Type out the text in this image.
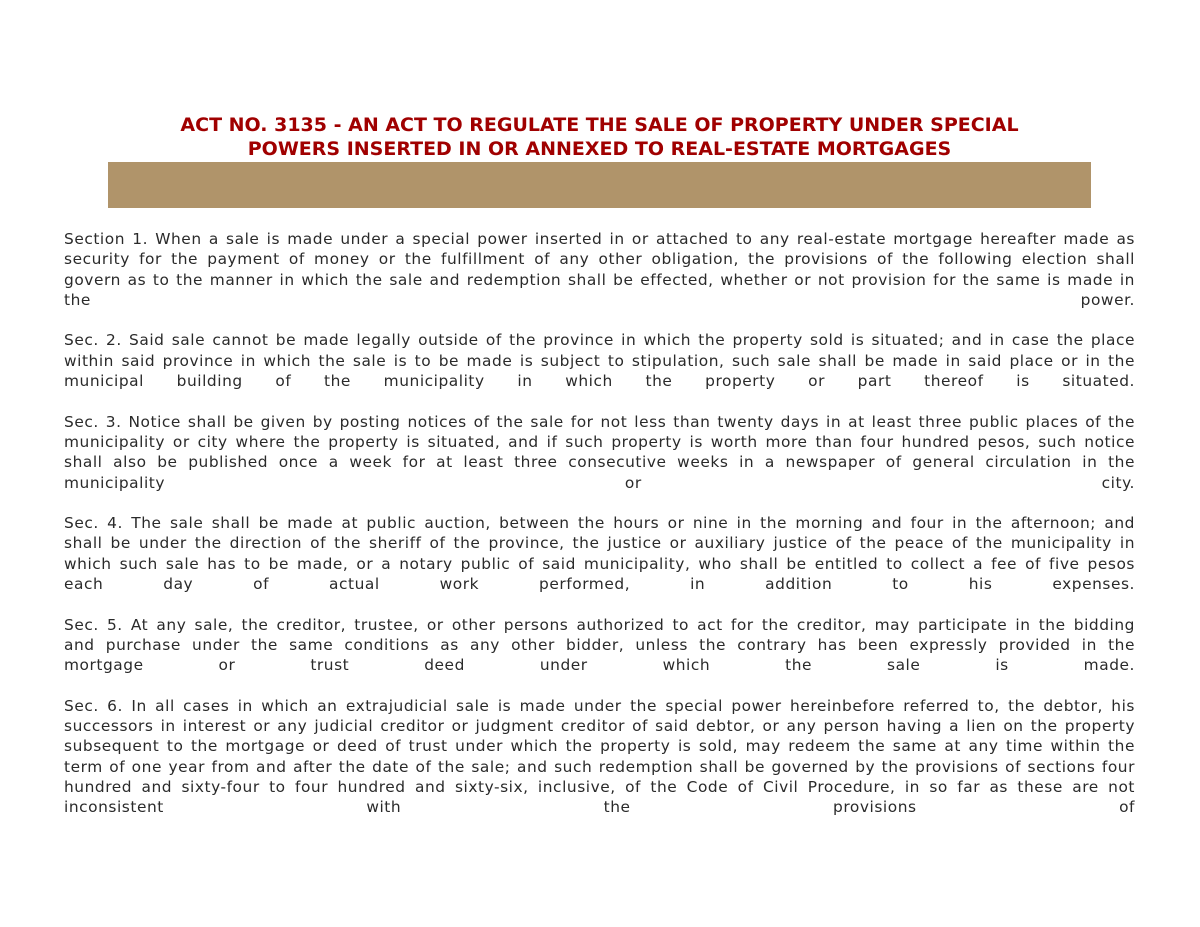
ACT NO. 3135 - AN ACT TO REGULATE THE SALE OF PROPERTY UNDER SPECIAL
POWERS INSERTED IN OR ANNEXED TO REAL-ESTATE MORTGAGES

Section 1. When a sale is made under a special power inserted in or attached to any real-estate mortgage hereafter made as security for the payment of money or the fulfillment of any other obligation, the provisions of the following election shall govern as to the manner in which the sale and redemption shall be effected, whether or not provision for the same is made in the power.

Sec. 2. Said sale cannot be made legally outside of the province in which the property sold is situated; and in case the place within said province in which the sale is to be made is subject to stipulation, such sale shall be made in said place or in the municipal building of the municipality in which the property or part thereof is situated.

Sec. 3. Notice shall be given by posting notices of the sale for not less than twenty days in at least three public places of the municipality or city where the property is situated, and if such property is worth more than four hundred pesos, such notice shall also be published once a week for at least three consecutive weeks in a newspaper of general circulation in the municipality or city.

Sec. 4. The sale shall be made at public auction, between the hours or nine in the morning and four in the afternoon; and shall be under the direction of the sheriff of the province, the justice or auxiliary justice of the peace of the municipality in which such sale has to be made, or a notary public of said municipality, who shall be entitled to collect a fee of five pesos each day of actual work performed, in addition to his expenses.

Sec. 5. At any sale, the creditor, trustee, or other persons authorized to act for the creditor, may participate in the bidding and purchase under the same conditions as any other bidder, unless the contrary has been expressly provided in the mortgage or trust deed under which the sale is made.

Sec. 6. In all cases in which an extrajudicial sale is made under the special power hereinbefore referred to, the debtor, his successors in interest or any judicial creditor or judgment creditor of said debtor, or any person having a lien on the property subsequent to the mortgage or deed of trust under which the property is sold, may redeem the same at any time within the term of one year from and after the date of the sale; and such redemption shall be governed by the provisions of sections four hundred and sixty-four to four hundred and sixty-six, inclusive, of the Code of Civil Procedure, in so far as these are not inconsistent with the provisions of
